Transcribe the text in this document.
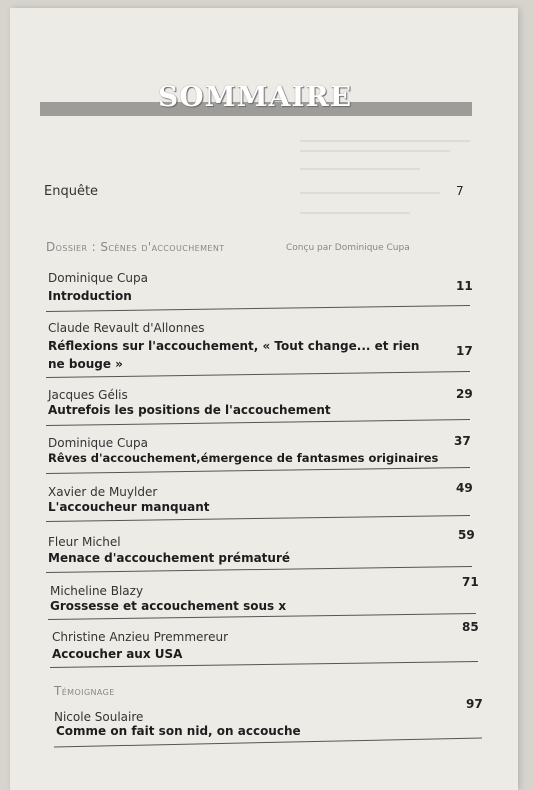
SOMMAIRE
Enquête	7
Dossier : Scènes d'accouchement	Conçu par Dominique Cupa
Dominique Cupa
Introduction
11
Claude Revault d'Allonnes
Réflexions sur l'accouchement, « Tout change... et rien
ne bouge »
17
Jacques Gélis
Autrefois les positions de l'accouchement
29
Dominique Cupa
Rêves d'accouchement,émergence de fantasmes originaires
37
Xavier de Muylder
L'accoucheur manquant
49
Fleur Michel
Menace d'accouchement prématuré
59
Micheline Blazy
Grossesse et accouchement sous x
71
Christine Anzieu Premmereur
Accoucher aux USA
85
Témoignage
Nicole Soulaire
Comme on fait son nid, on accouche
97
